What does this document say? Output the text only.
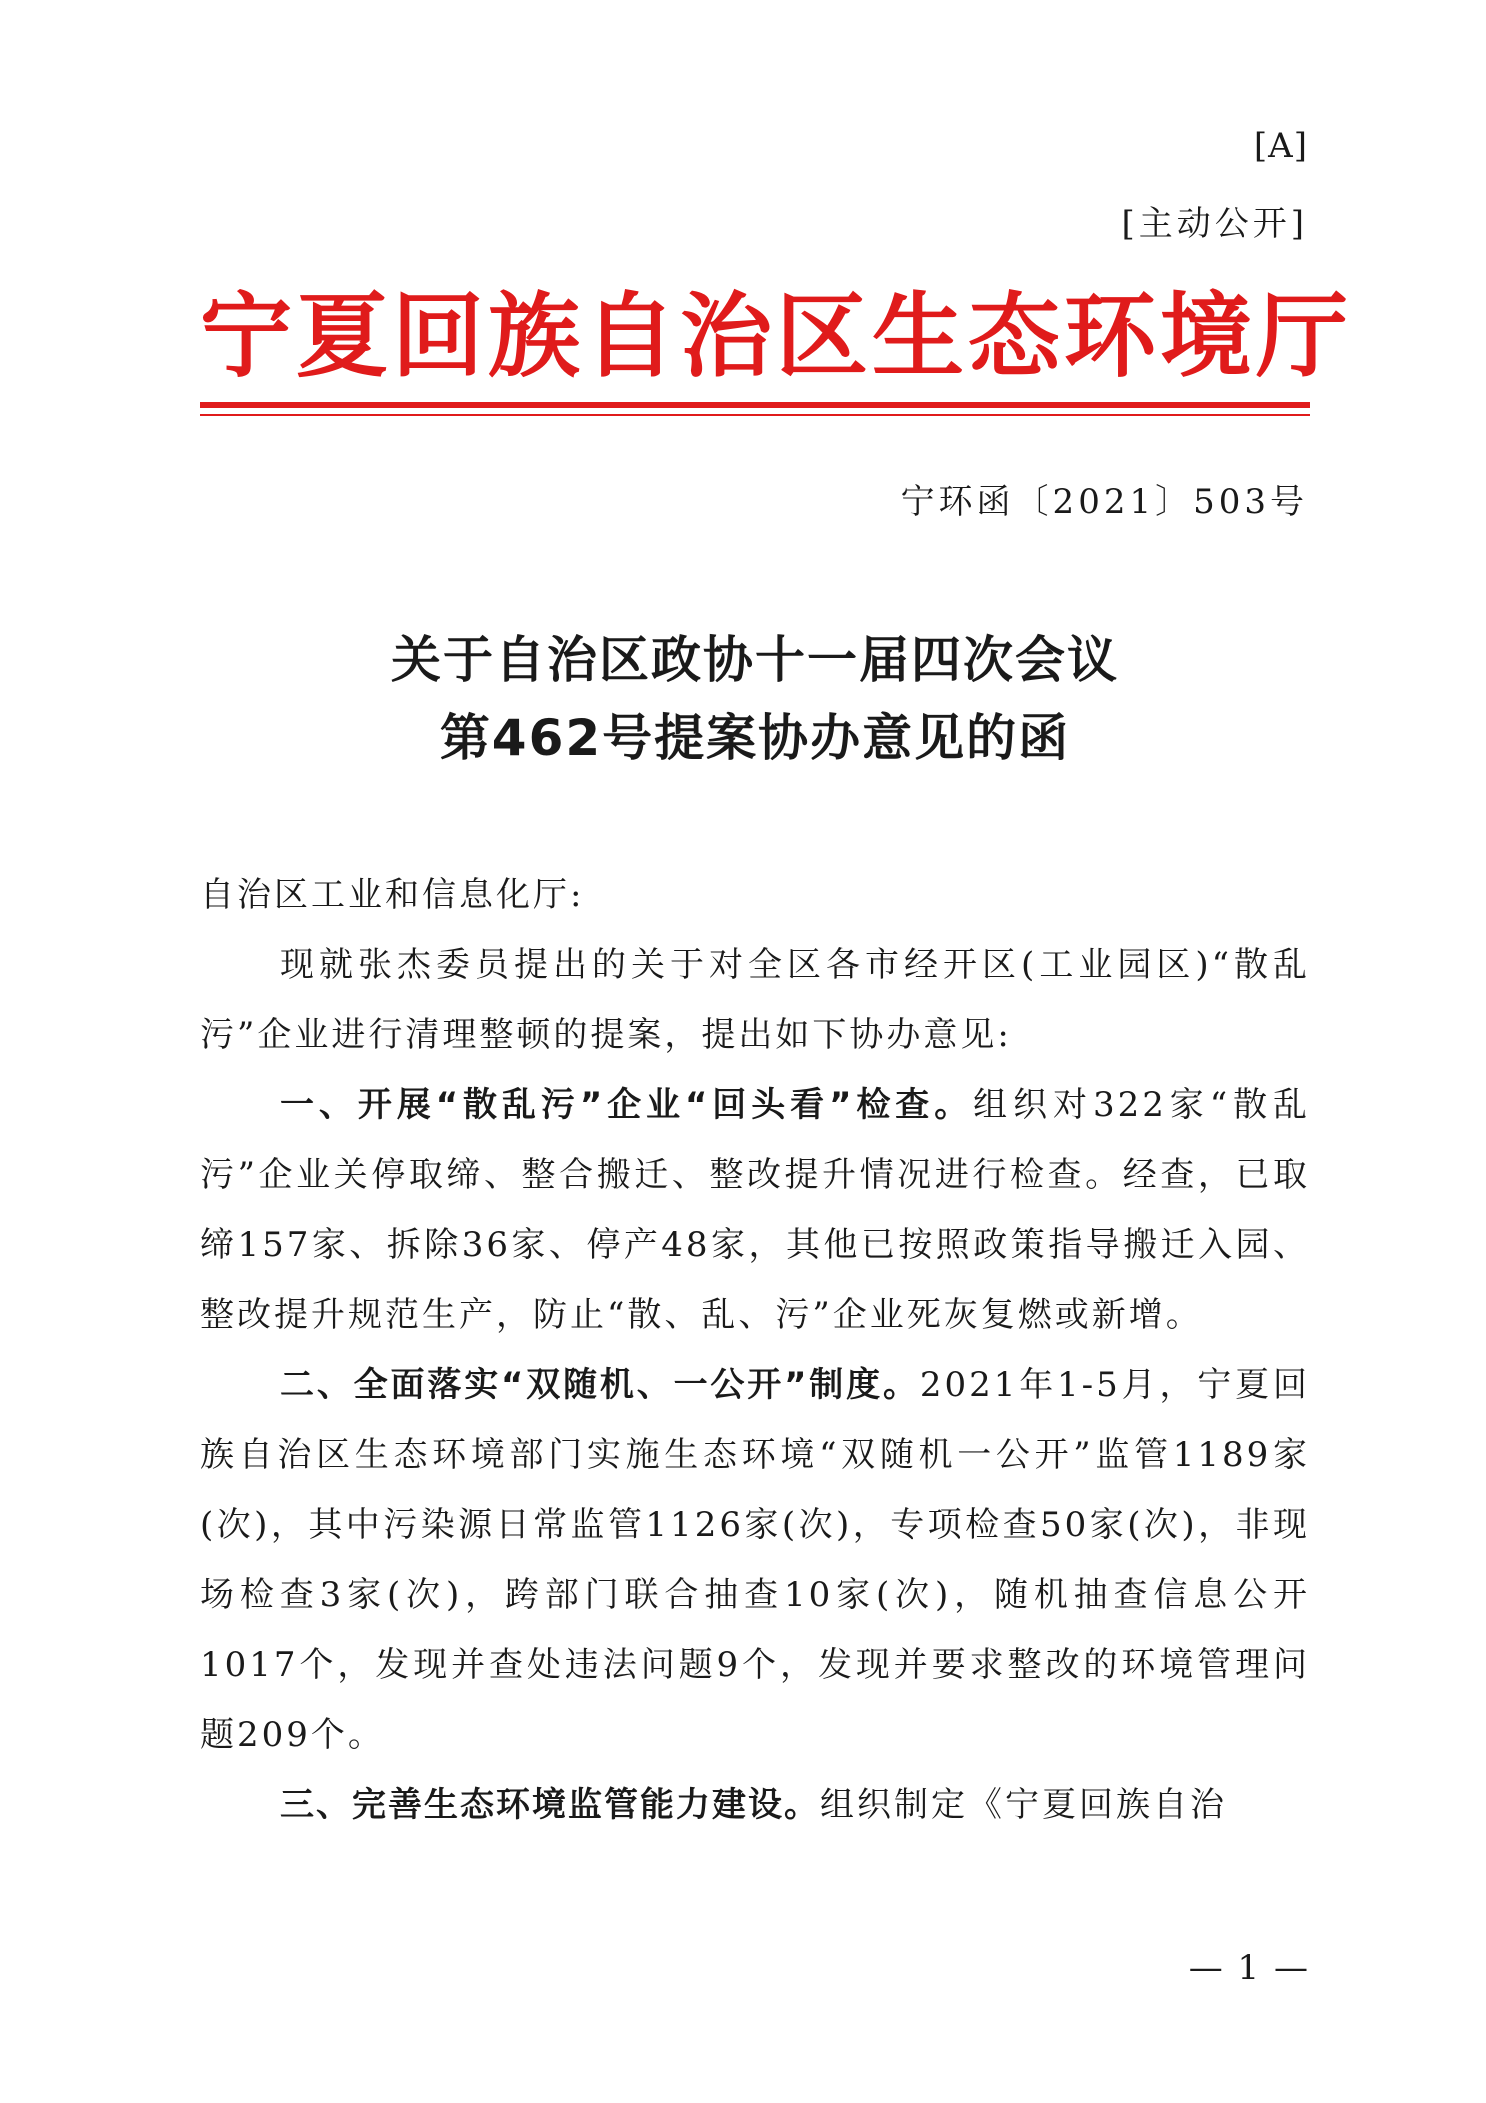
[A]
[主动公开]
宁夏回族自治区生态环境厅
宁环函〔2021〕503号
关于自治区政协十一届四次会议
第462号提案协办意见的函

自治区工业和信息化厅:

现就张杰委员提出的关于对全区各市经开区(工业园区)“散乱污”企业进行清理整顿的提案，提出如下协办意见:

一、开展“散乱污”企业“回头看”检查。组织对322家“散乱污”企业关停取缔、整合搬迁、整改提升情况进行检查。经查，已取缔157家、拆除36家、停产48家，其他已按照政策指导搬迁入园、整改提升规范生产，防止“散、乱、污”企业死灰复燃或新增。

二、全面落实“双随机、一公开”制度。2021年1-5月，宁夏回族自治区生态环境部门实施生态环境“双随机一公开”监管1189家(次)，其中污染源日常监管1126家(次)，专项检查50家(次)，非现场检查3家(次)，跨部门联合抽查10家(次)，随机抽查信息公开1017个，发现并查处违法问题9个，发现并要求整改的环境管理问题209个。

三、完善生态环境监管能力建设。组织制定《宁夏回族自治

— 1 —
